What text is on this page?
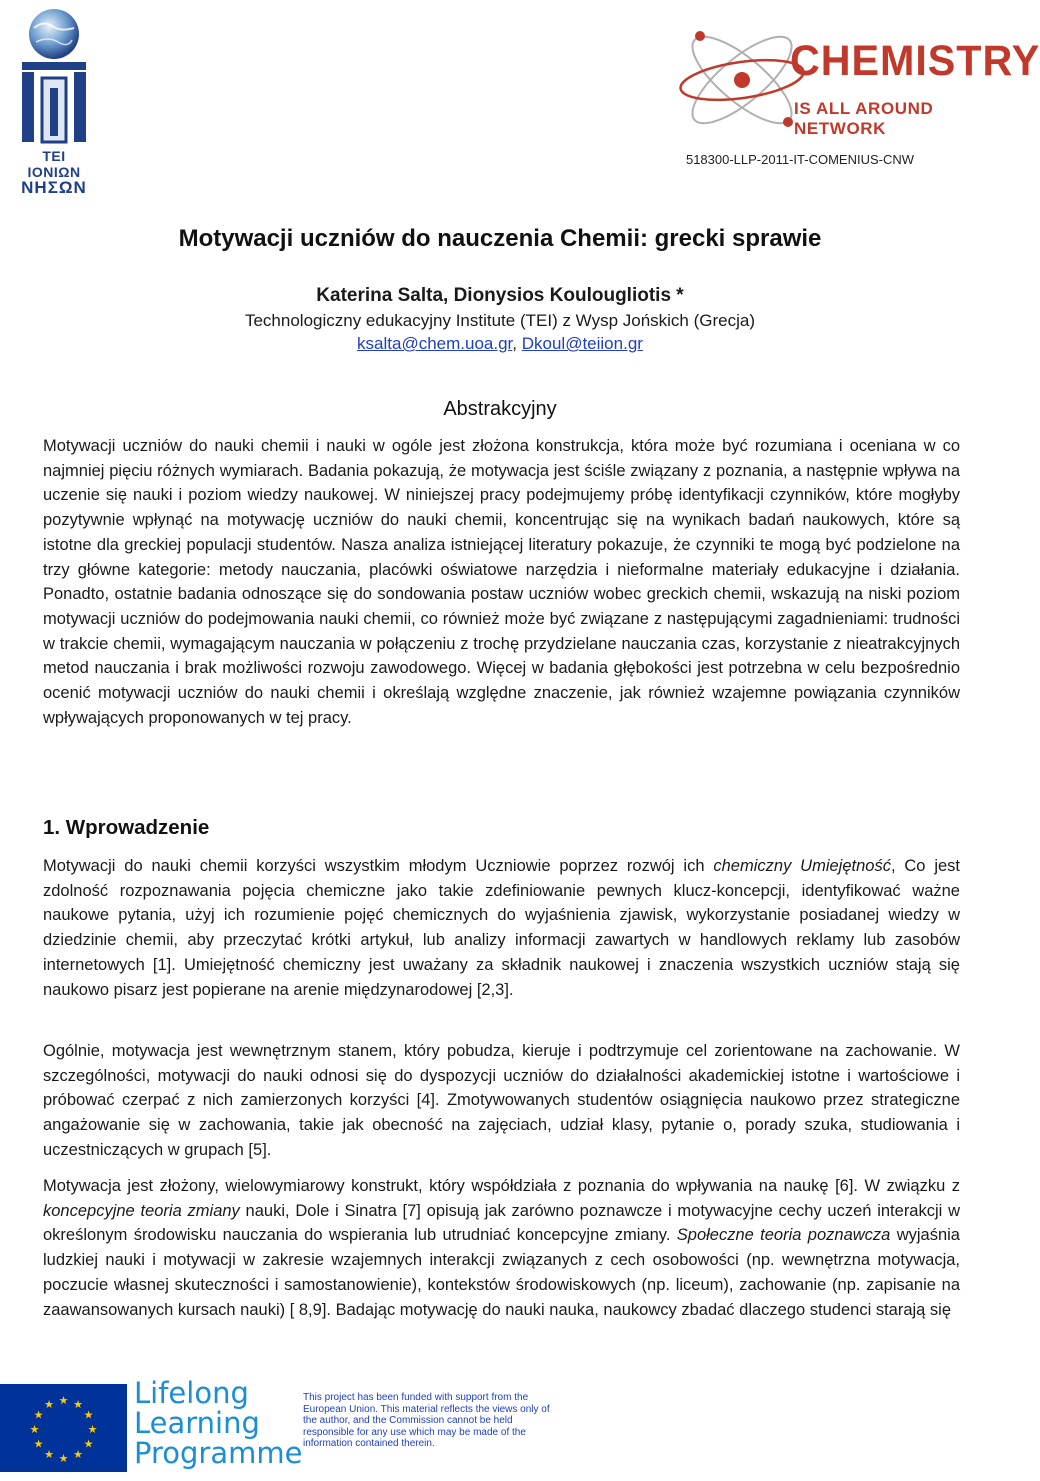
TEI ΙΟΝΙΩΝ
ΝΗΣΩΝ
CHEMISTRY
IS ALL AROUND NETWORK
518300-LLP-2011-IT-COMENIUS-CNW
Motywacji uczniów do nauczenia Chemii: grecki sprawie
Katerina Salta, Dionysios Koulougliotis *
Technologiczny edukacyjny Institute (TEI) z Wysp Jońskich (Grecja)
ksalta@chem.uoa.gr, Dkoul@teiion.gr
Abstrakcyjny
Motywacji uczniów do nauki chemii i nauki w ogóle jest złożona konstrukcja, która może być rozumiana i oceniana w co najmniej pięciu różnych wymiarach. Badania pokazują, że motywacja jest ściśle związany z poznania, a następnie wpływa na uczenie się nauki i poziom wiedzy naukowej. W niniejszej pracy podejmujemy próbę identyfikacji czynników, które mogłyby pozytywnie wpłynąć na motywację uczniów do nauki chemii, koncentrując się na wynikach badań naukowych, które są istotne dla greckiej populacji studentów. Nasza analiza istniejącej literatury pokazuje, że czynniki te mogą być podzielone na trzy główne kategorie: metody nauczania, placówki oświatowe narzędzia i nieformalne materiały edukacyjne i działania. Ponadto, ostatnie badania odnoszące się do sondowania postaw uczniów wobec greckich chemii, wskazują na niski poziom motywacji uczniów do podejmowania nauki chemii, co również może być związane z następującymi zagadnieniami: trudności w trakcie chemii, wymagającym nauczania w połączeniu z trochę przydzielane nauczania czas, korzystanie z nieatrakcyjnych metod nauczania i brak możliwości rozwoju zawodowego. Więcej w badania głębokości jest potrzebna w celu bezpośrednio ocenić motywacji uczniów do nauki chemii i określają względne znaczenie, jak również wzajemne powiązania czynników wpływających proponowanych w tej pracy.
1. Wprowadzenie
Motywacji do nauki chemii korzyści wszystkim młodym Uczniowie poprzez rozwój ich chemiczny Umiejętność, Co jest zdolność rozpoznawania pojęcia chemiczne jako takie zdefiniowanie pewnych klucz-koncepcji, identyfikować ważne naukowe pytania, użyj ich rozumienie pojęć chemicznych do wyjaśnienia zjawisk, wykorzystanie posiadanej wiedzy w dziedzinie chemii, aby przeczytać krótki artykuł, lub analizy informacji zawartych w handlowych reklamy lub zasobów internetowych [1]. Umiejętność chemiczny jest uważany za składnik naukowej i znaczenia wszystkich uczniów stają się naukowo pisarz jest popierane na arenie międzynarodowej [2,3].
Ogólnie, motywacja jest wewnętrznym stanem, który pobudza, kieruje i podtrzymuje cel zorientowane na zachowanie. W szczególności, motywacji do nauki odnosi się do dyspozycji uczniów do działalności akademickiej istotne i wartościowe i próbować czerpać z nich zamierzonych korzyści [4]. Zmotywowanych studentów osiągnięcia naukowo przez strategiczne angażowanie się w zachowania, takie jak obecność na zajęciach, udział klasy, pytanie o, porady szuka, studiowania i uczestniczących w grupach [5].
Motywacja jest złożony, wielowymiarowy konstrukt, który współdziała z poznania do wpływania na naukę [6]. W związku z koncepcyjne teoria zmiany nauki, Dole i Sinatra [7] opisują jak zarówno poznawcze i motywacyjne cechy uczeń interakcji w określonym środowisku nauczania do wspierania lub utrudniać koncepcyjne zmiany. Społeczne teoria poznawcza wyjaśnia ludzkiej nauki i motywacji w zakresie wzajemnych interakcji związanych z cech osobowości (np. wewnętrzna motywacja, poczucie własnej skuteczności i samostanowienie), kontekstów środowiskowych (np. liceum), zachowanie (np. zapisanie na zaawansowanych kursach nauki) [ 8,9]. Badając motywację do nauki nauka, naukowcy zbadać dlaczego studenci starają się
★ ★
★
★
★
★
★
★
★
★
★
★	Lifelong
Learning
Programme
This project has been funded with support from the European Union. This material reflects the views only of the author, and the Commission cannot be held responsible for any use which may be made of the information contained therein.
